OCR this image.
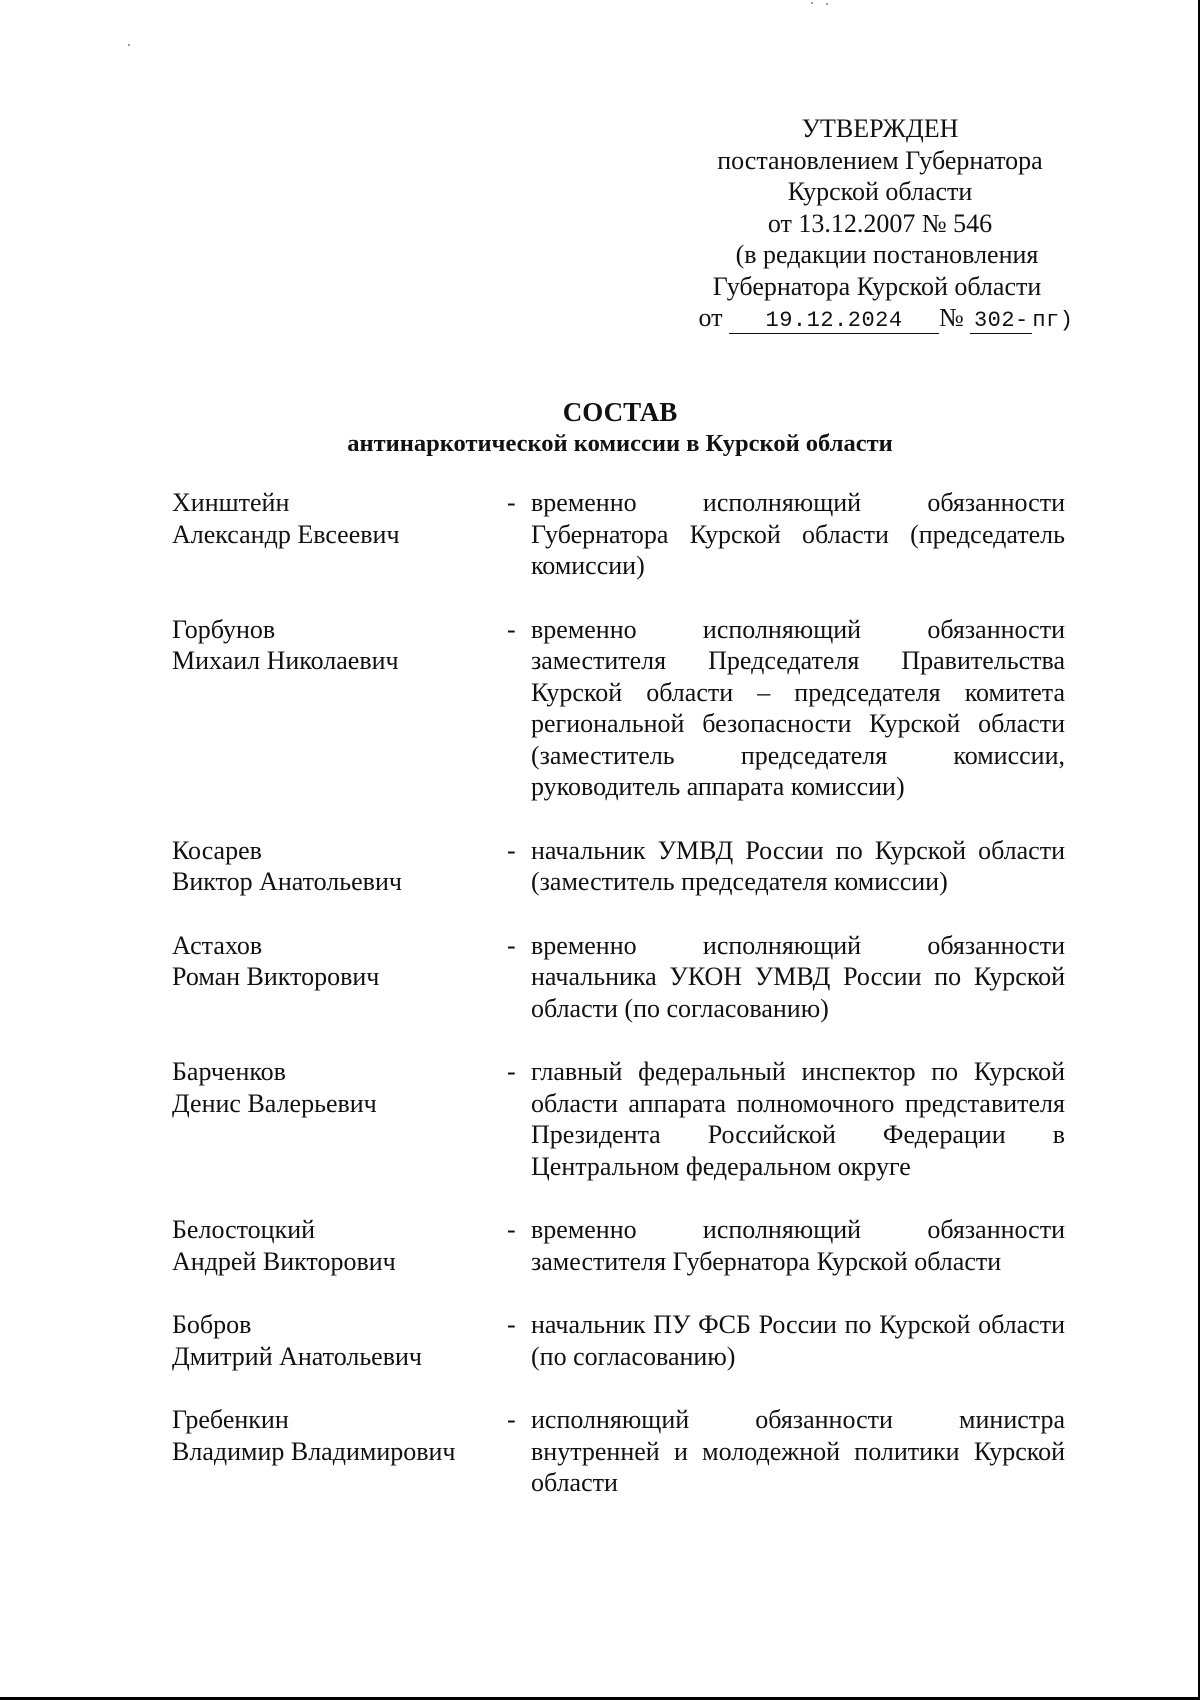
УТВЕРЖДЕН
постановлением Губернатора
Курской области
от 13.12.2007 № 546
(в редакции постановления
Губернатора Курской области
от 19.12.2024 № 302- пг)
СОСТАВ
антинаркотической комиссии в Курской области
Хинштейн
Александр Евсеевич
- временно исполняющий обязанности Губернатора Курской области (председатель комиссии)
Горбунов
Михаил Николаевич
- временно исполняющий обязанности заместителя Председателя Правительства Курской области – председателя комитета региональной безопасности Курской области (заместитель председателя комиссии, руководитель аппарата комиссии)
Косарев
Виктор Анатольевич
- начальник УМВД России по Курской области (заместитель председателя комиссии)
Астахов
Роман Викторович
- временно исполняющий обязанности начальника УКОН УМВД России по Курской области (по согласованию)
Барченков
Денис Валерьевич
- главный федеральный инспектор по Курской области аппарата полномочного представителя Президента Российской Федерации в Центральном федеральном округе
Белостоцкий
Андрей Викторович
- временно исполняющий обязанности заместителя Губернатора Курской области
Бобров
Дмитрий Анатольевич
- начальник ПУ ФСБ России по Курской области (по согласованию)
Гребенкин
Владимир Владимирович
- исполняющий обязанности министра внутренней и молодежной политики Курской области
